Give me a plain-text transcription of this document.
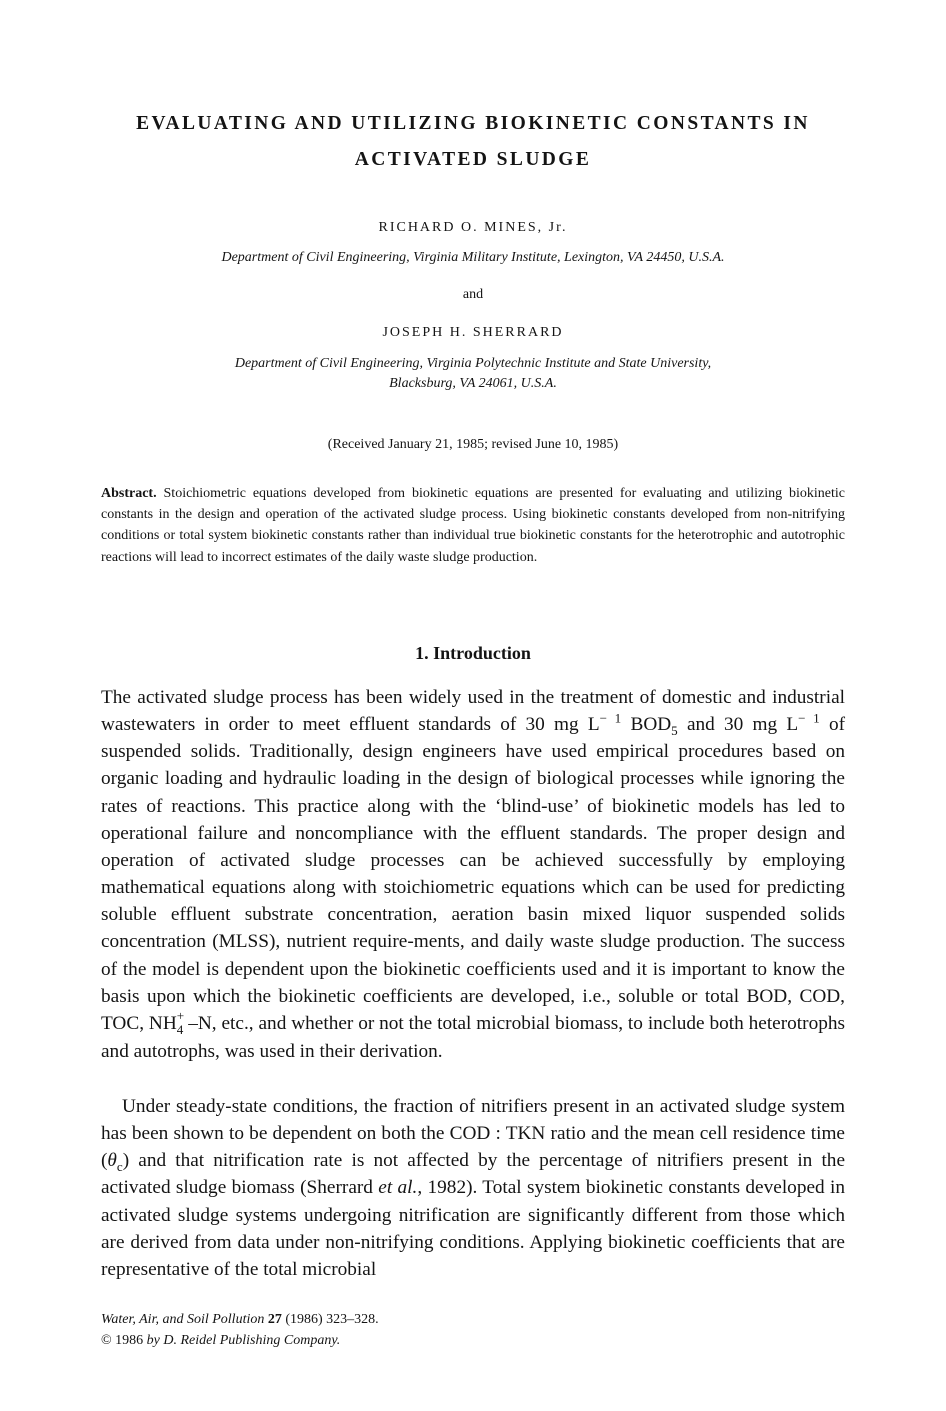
EVALUATING AND UTILIZING BIOKINETIC CONSTANTS IN
ACTIVATED SLUDGE
RICHARD O. MINES, Jr.
Department of Civil Engineering, Virginia Military Institute, Lexington, VA 24450, U.S.A.
and
JOSEPH H. SHERRARD
Department of Civil Engineering, Virginia Polytechnic Institute and State University,
Blacksburg, VA 24061, U.S.A.
(Received January 21, 1985; revised June 10, 1985)
Abstract. Stoichiometric equations developed from biokinetic equations are presented for evaluating and utilizing biokinetic constants in the design and operation of the activated sludge process. Using biokinetic constants developed from non-nitrifying conditions or total system biokinetic constants rather than individual true biokinetic constants for the heterotrophic and autotrophic reactions will lead to incorrect estimates of the daily waste sludge production.
1. Introduction

The activated sludge process has been widely used in the treatment of domestic and industrial wastewaters in order to meet effluent standards of 30 mg $L^{- 1}$ $BOD_5$ and 30 mg $L^{- 1}$ of suspended solids. Traditionally, design engineers have used empirical procedures based on organic loading and hydraulic loading in the design of biological processes while ignoring the rates of reactions. This practice along with the ‘blind-use’ of biokinetic models has led to operational failure and noncompliance with the effluent standards. The proper design and operation of activated sludge processes can be achieved successfully by employing mathematical equations along with stoichiometric equations which can be used for predicting soluble effluent substrate concentration, aeration basin mixed liquor suspended solids concentration (MLSS), nutrient require-ments, and daily waste sludge production. The success of the model is dependent upon the biokinetic coefficients used and it is important to know the basis upon which the biokinetic coefficients are developed, i.e., soluble or total BOD, COD, TOC, $NH_4$
+ –N, etc., and whether or not the total microbial biomass, to include both heterotrophs and autotrophs, was used in their derivation.

Under steady-state conditions, the fraction of nitrifiers present in an activated sludge system has been shown to be dependent on both the COD : TKN ratio and the mean cell residence time $(\theta_c)$ and that nitrification rate is not affected by the percentage of nitrifiers present in the activated sludge biomass (Sherrard et al., 1982). Total system biokinetic constants developed in activated sludge systems undergoing nitrification are significantly different from those which are derived from data under non-nitrifying conditions. Applying biokinetic coefficients that are representative of the total microbial

Water, Air, and Soil Pollution 27 (1986) 323–328.
© 1986 by D. Reidel Publishing Company.
